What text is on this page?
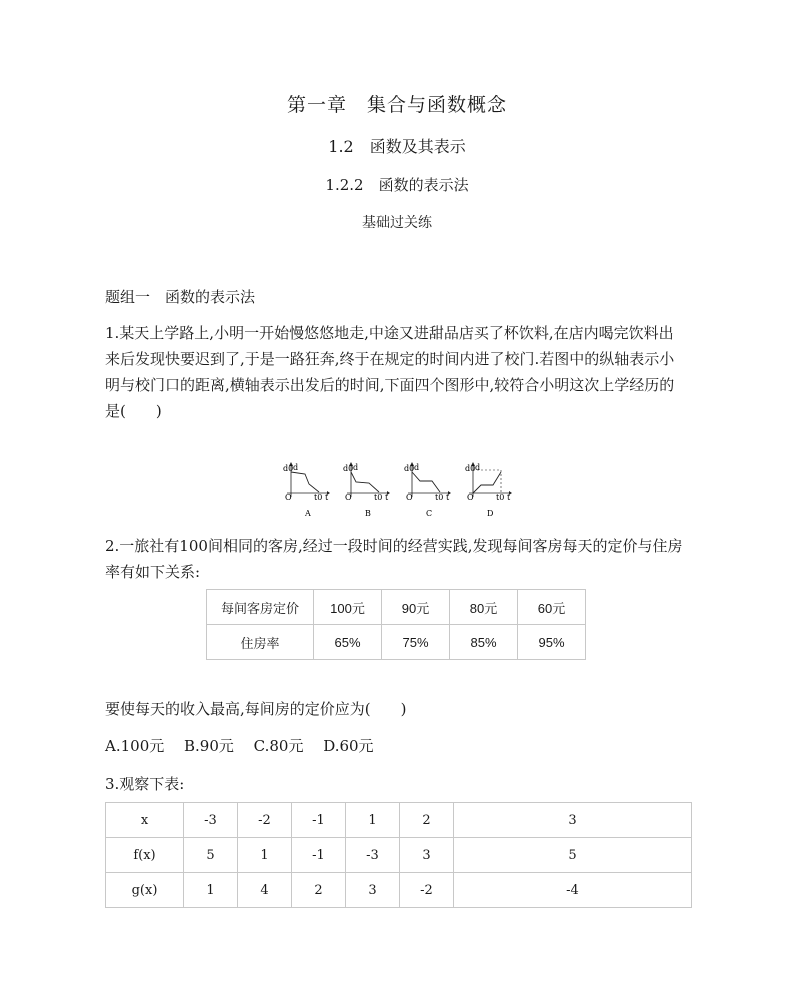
第一章　集合与函数概念
1.2　函数及其表示
1.2.2　函数的表示法
基础过关练
题组一　函数的表示法
1.某天上学路上,小明一开始慢悠悠地走,中途又进甜品店买了杯饮料,在店内喝完饮料出来后发现快要迟到了,于是一路狂奔,终于在规定的时间内进了校门.若图中的纵轴表示小明与校门口的距离,横轴表示出发后的时间,下面四个图形中,较符合小明这次上学经历的是(　　)
d0 d
O	t0 t
A
d0 d
O	t0 t
B
d0 d
O	t0 t
C
d0 d
O	t0 t
D
2.一旅社有100间相同的客房,经过一段时间的经营实践,发现每间客房每天的定价与住房率有如下关系:
每间客房定价	100元	90元	80元	60元
住房率	65%	75%	85%	95%
要使每天的收入最高,每间房的定价应为(　　)
A.100元　 B.90元　 C.80元　 D.60元
3.观察下表:
x	-3	-2	-1	1	2	3
f(x)	5	1	-1	-3	3	5
g(x)	1	4	2	3	-2	-4
